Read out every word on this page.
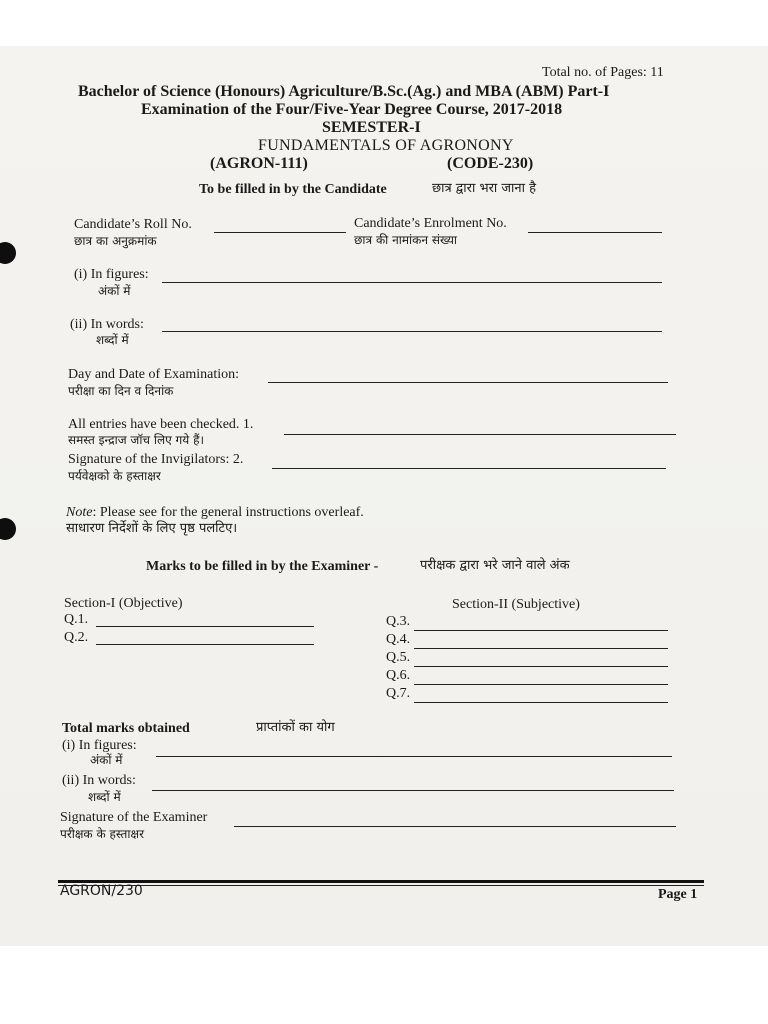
Total no. of Pages: 11
Bachelor of Science (Honours) Agriculture/B.Sc.(Ag.) and MBA (ABM) Part-I
Examination of the Four/Five-Year Degree Course, 2017-2018
SEMESTER-I
FUNDAMENTALS OF AGRONONY
(AGRON-111)	(CODE-230)
To be filled in by the Candidate	छात्र द्वारा भरा जाना है
Candidate’s Roll No.
छात्र का अनुक्रमांक
Candidate’s Enrolment No.
छात्र की नामांकन संख्या
(i) In figures:
अंकों में
(ii) In words:
शब्दों में
Day and Date of Examination:
परीक्षा का दिन व दिनांक
All entries have been checked. 1.
समस्त इन्द्राज जॉच लिए गये हैं।
Signature of the Invigilators: 2.
पर्यवेक्षको के हस्ताक्षर
Note: Please see for the general instructions overleaf.
साधारण निर्देशों के लिए पृष्ठ पलटिए।
Marks to be filled in by the Examiner -	परीक्षक द्वारा भरे जाने वाले अंक
Section-I (Objective)
Q.1.
Q.2.
Section-II (Subjective)
Q.3.
Q.4.
Q.5.
Q.6.
Q.7.
Total marks obtained	प्राप्तांकों का योग
(i) In figures:
अंकों में
(ii) In words:
शब्दों में
Signature of the Examiner
परीक्षक के हस्ताक्षर
AGRON/230	Page 1
